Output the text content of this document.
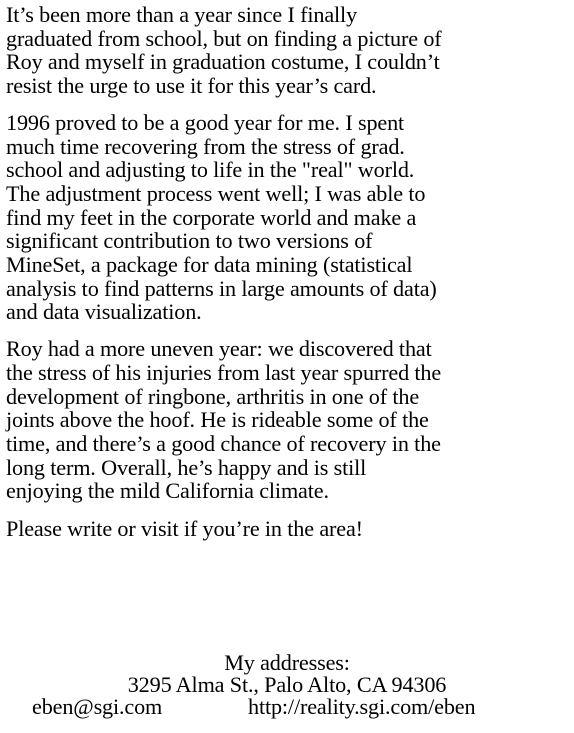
It’s been more than a year since I finally
graduated from school, but on finding a picture of
Roy and myself in graduation costume, I couldn’t
resist the urge to use it for this year’s card.

1996 proved to be a good year for me. I spent
much time recovering from the stress of grad.
school and adjusting to life in the "real" world.
The adjustment process went well; I was able to
find my feet in the corporate world and make a
significant contribution to two versions of
MineSet, a package for data mining (statistical
analysis to find patterns in large amounts of data)
and data visualization.

Roy had a more uneven year: we discovered that
the stress of his injuries from last year spurred the
development of ringbone, arthritis in one of the
joints above the hoof. He is rideable some of the
time, and there’s a good chance of recovery in the
long term. Overall, he’s happy and is still
enjoying the mild California climate.

Please write or visit if you’re in the area!

My addresses:
3295 Alma St., Palo Alto, CA 94306
eben@sgi.com	http://reality.sgi.com/eben
